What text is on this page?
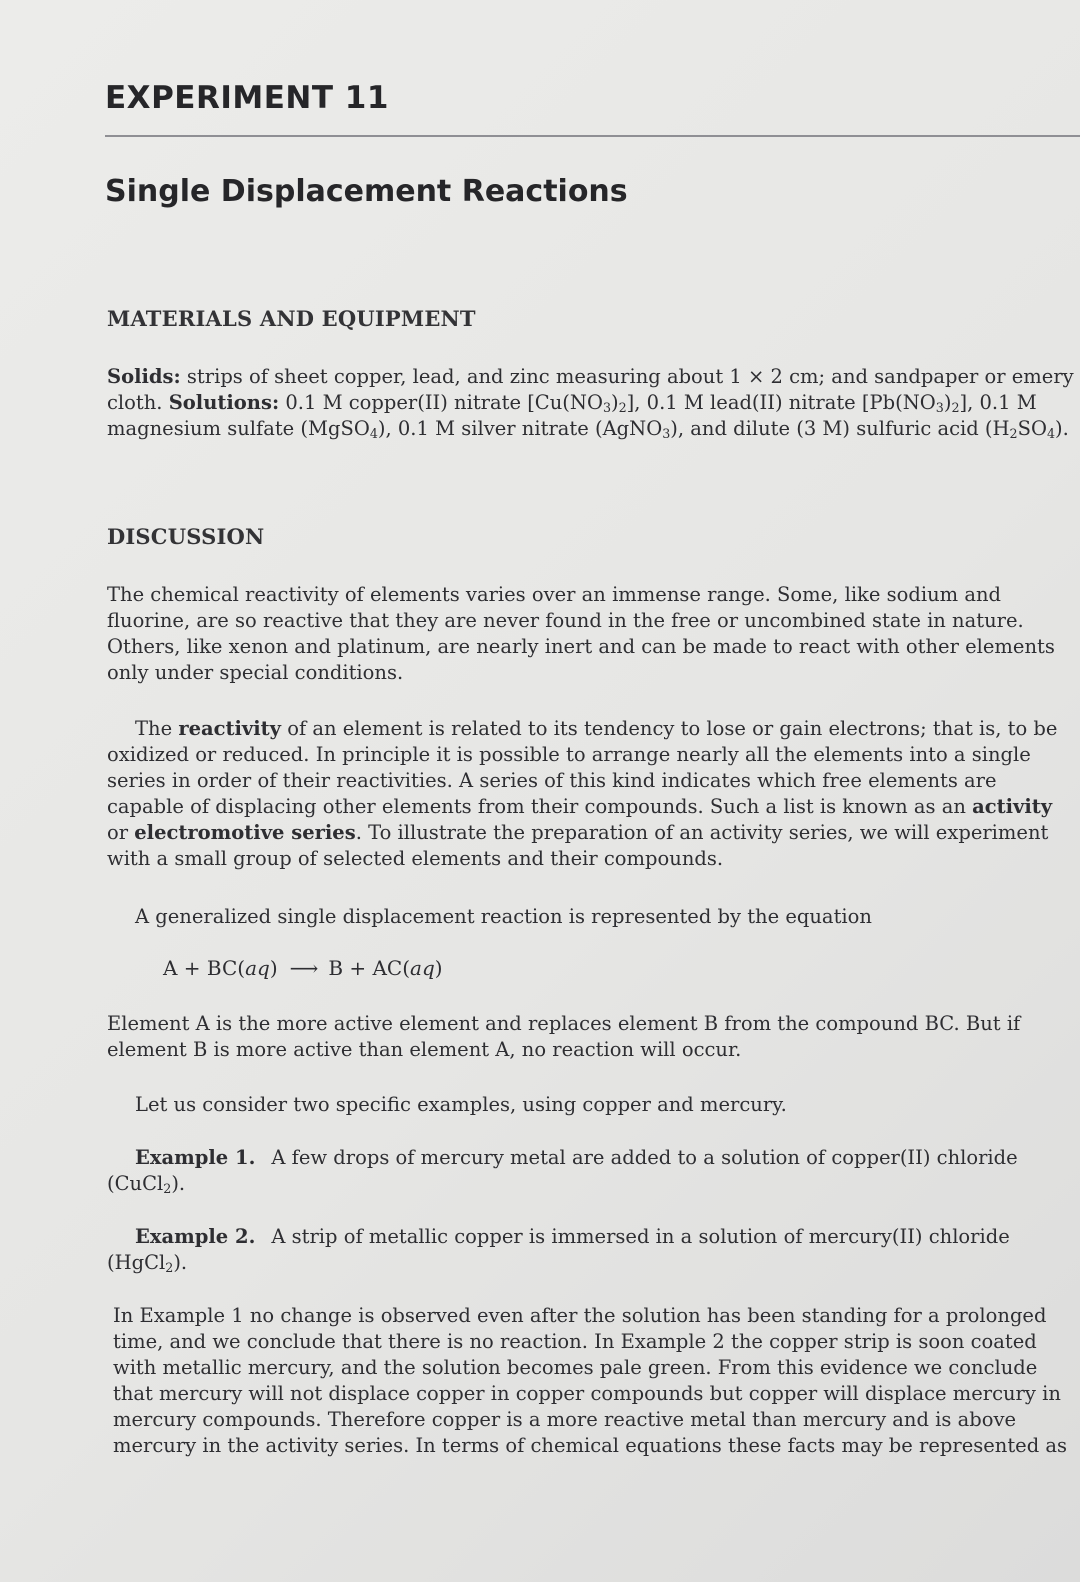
EXPERIMENT 11
Single Displacement Reactions
MATERIALS AND EQUIPMENT

Solids: strips of sheet copper, lead, and zinc measuring about 1 × 2 cm; and sandpaper or emery cloth. Solutions: 0.1 M copper(II) nitrate $[Cu(NO_3)_2]$, 0.1 M lead(II) nitrate $[Pb(NO_3)_2]$, 0.1 M magnesium sulfate (MgSO$_4$), 0.1 M silver nitrate (AgNO$_3$), and dilute (3 M) sulfuric acid $(H_2SO_4)$.

DISCUSSION

The chemical reactivity of elements varies over an immense range. Some, like sodium and fluorine, are so reactive that they are never found in the free or uncombined state in nature. Others, like xenon and platinum, are nearly inert and can be made to react with other elements only under special conditions.

The reactivity of an element is related to its tendency to lose or gain electrons; that is, to be oxidized or reduced. In principle it is possible to arrange nearly all the elements into a single series in order of their reactivities. A series of this kind indicates which free elements are capable of displacing other elements from their compounds. Such a list is known as an activity or electromotive series. To illustrate the preparation of an activity series, we will experiment with a small group of selected elements and their compounds.

A generalized single displacement reaction is represented by the equation

A + BC(aq) ⟶ B + AC(aq)

Element A is the more active element and replaces element B from the compound BC. But if element B is more active than element A, no reaction will occur.

Let us consider two specific examples, using copper and mercury.

Example 1. A few drops of mercury metal are added to a solution of copper(II) chloride (CuCl$_2$).

Example 2. A strip of metallic copper is immersed in a solution of mercury(II) chloride (HgCl$_2$).

In Example 1 no change is observed even after the solution has been standing for a prolonged time, and we conclude that there is no reaction. In Example 2 the copper strip is soon coated with metallic mercury, and the solution becomes pale green. From this evidence we conclude that mercury will not displace copper in copper compounds but copper will displace mercury in mercury compounds. Therefore copper is a more reactive metal than mercury and is above mercury in the activity series. In terms of chemical equations these facts may be represented as
